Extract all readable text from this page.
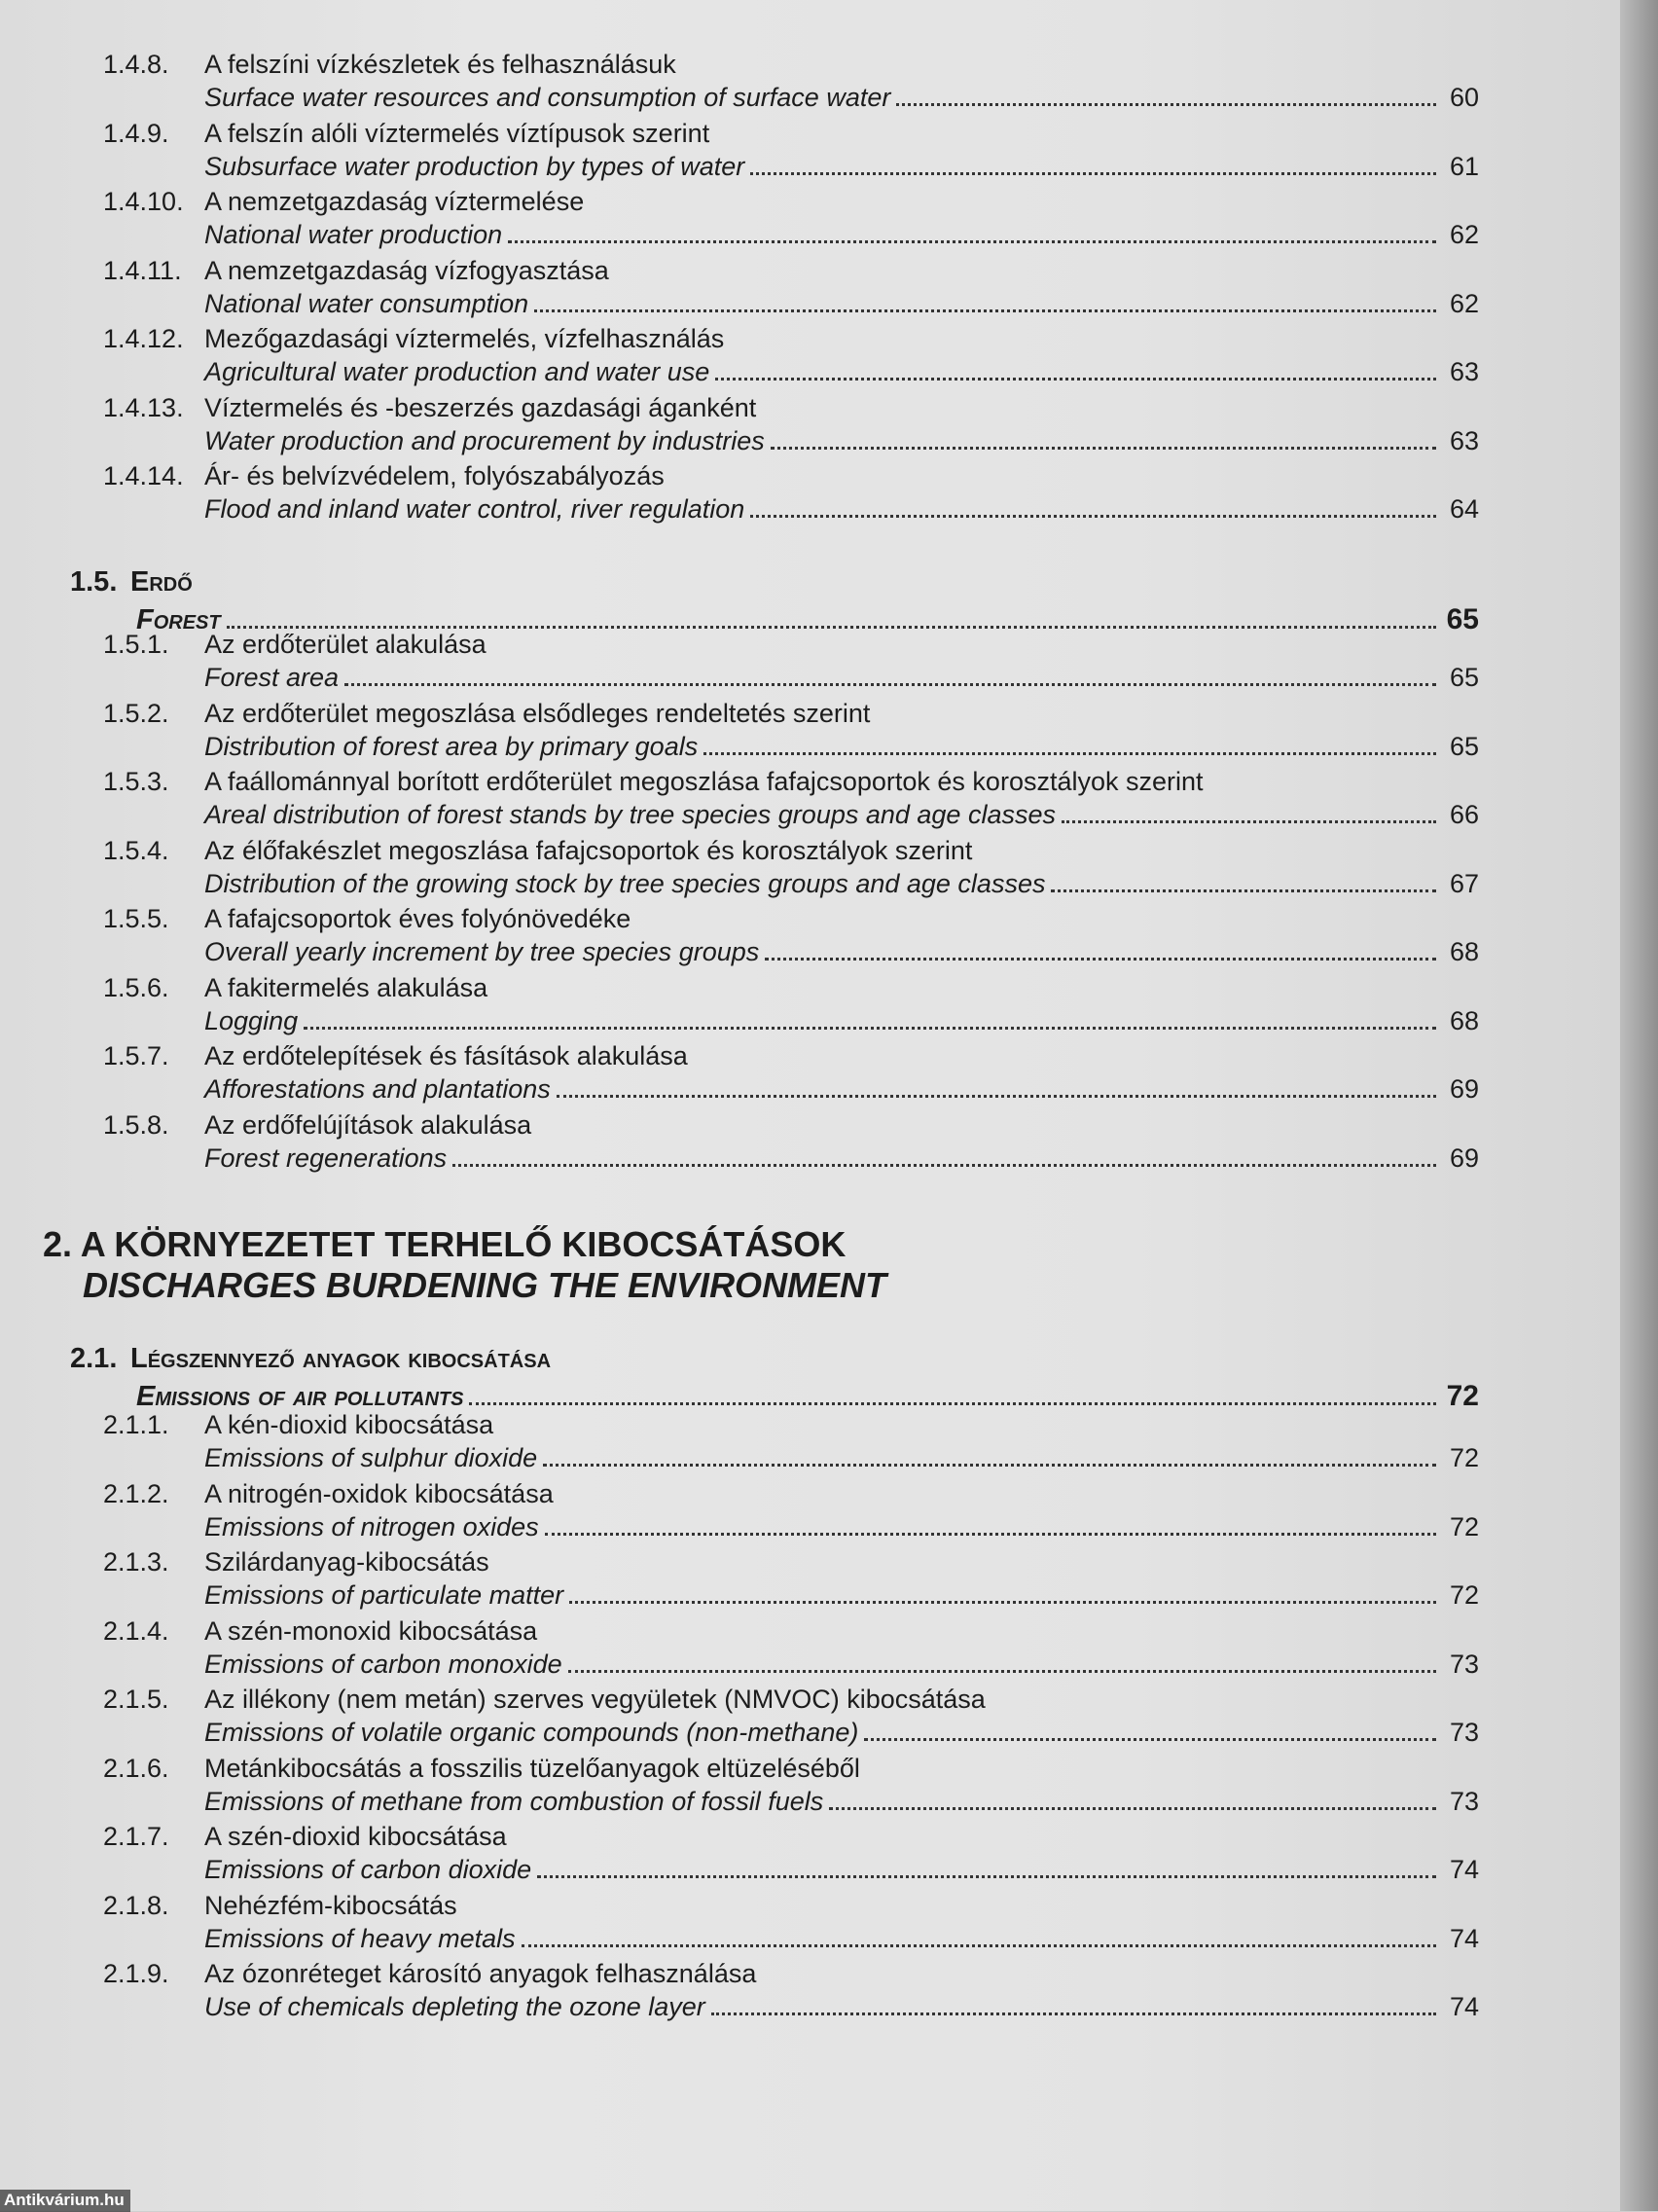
1.4.8. A felszíni vízkészletek és felhasználásuk
Surface water resources and consumption of surface water	60
1.4.9. A felszín alóli víztermelés víztípusok szerint
Subsurface water production by types of water	61
1.4.10. A nemzetgazdaság víztermelése
National water production	62
1.4.11. A nemzetgazdaság vízfogyasztása
National water consumption	62
1.4.12. Mezőgazdasági víztermelés, vízfelhasználás
Agricultural water production and water use	63
1.4.13. Víztermelés és -beszerzés gazdasági áganként
Water production and procurement by industries	63
1.4.14. Ár- és belvízvédelem, folyószabályozás
Flood and inland water control, river regulation	64
1.5. Erdő
Forest	65
1.5.1. Az erdőterület alakulása
Forest area	65
1.5.2. Az erdőterület megoszlása elsődleges rendeltetés szerint
Distribution of forest area by primary goals	65
1.5.3. A faállománnyal borított erdőterület megoszlása fafajcsoportok és korosztályok szerint
Areal distribution of forest stands by tree species groups and age classes	66
1.5.4. Az élőfakészlet megoszlása fafajcsoportok és korosztályok szerint
Distribution of the growing stock by tree species groups and age classes	67
1.5.5. A fafajcsoportok éves folyónövedéke
Overall yearly increment by tree species groups	68
1.5.6. A fakitermelés alakulása
Logging	68
1.5.7. Az erdőtelepítések és fásítások alakulása
Afforestations and plantations	69
1.5.8. Az erdőfelújítások alakulása
Forest regenerations	69
2. A KÖRNYEZETET TERHELŐ KIBOCSÁTÁSOK
DISCHARGES BURDENING THE ENVIRONMENT
2.1. Légszennyező anyagok kibocsátása
Emissions of air pollutants	72
2.1.1. A kén-dioxid kibocsátása
Emissions of sulphur dioxide	72
2.1.2. A nitrogén-oxidok kibocsátása
Emissions of nitrogen oxides	72
2.1.3. Szilárdanyag-kibocsátás
Emissions of particulate matter	72
2.1.4. A szén-monoxid kibocsátása
Emissions of carbon monoxide	73
2.1.5. Az illékony (nem metán) szerves vegyületek (NMVOC) kibocsátása
Emissions of volatile organic compounds (non-methane)	73
2.1.6. Metánkibocsátás a fosszilis tüzelőanyagok eltüzeléséből
Emissions of methane from combustion of fossil fuels	73
2.1.7. A szén-dioxid kibocsátása
Emissions of carbon dioxide	74
2.1.8. Nehézfém-kibocsátás
Emissions of heavy metals	74
2.1.9. Az ózonréteget károsító anyagok felhasználása
Use of chemicals depleting the ozone layer	74
Antikvárium.hu
